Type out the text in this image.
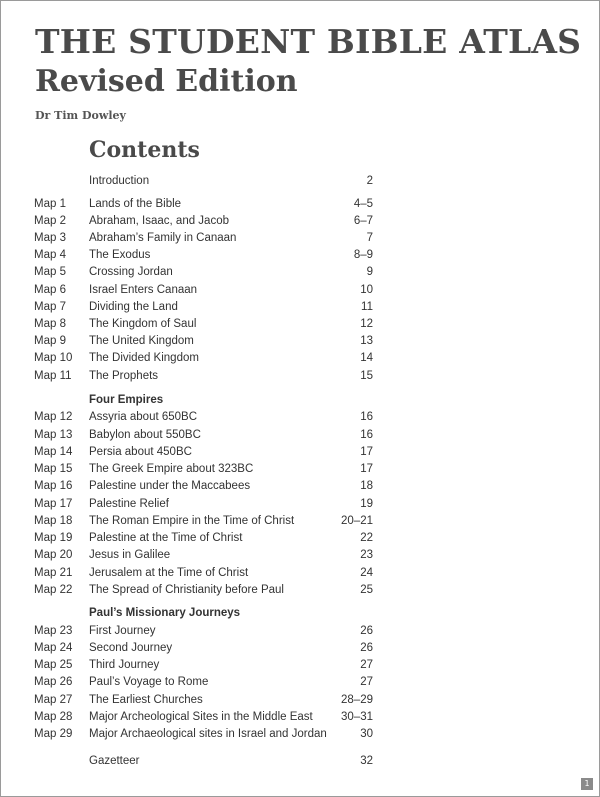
THE STUDENT BIBLE ATLAS
Revised Edition
Dr Tim Dowley
Contents
Introduction	2
Map 1 Lands of the Bible	4–5
Map 2 Abraham, Isaac, and Jacob	6–7
Map 3 Abraham’s Family in Canaan	7
Map 4 The Exodus	8–9
Map 5 Crossing Jordan	9
Map 6 Israel Enters Canaan	10
Map 7 Dividing the Land	11
Map 8 The Kingdom of Saul	12
Map 9 The United Kingdom	13
Map 10 The Divided Kingdom	14
Map 11 The Prophets	15
Four Empires
Map 12 Assyria about 650BC	16
Map 13 Babylon about 550BC	16
Map 14 Persia about 450BC	17
Map 15 The Greek Empire about 323BC	17
Map 16 Palestine under the Maccabees	18
Map 17 Palestine Relief	19
Map 18 The Roman Empire in the Time of Christ	20–21
Map 19 Palestine at the Time of Christ	22
Map 20 Jesus in Galilee	23
Map 21 Jerusalem at the Time of Christ	24
Map 22 The Spread of Christianity before Paul	25
Paul’s Missionary Journeys
Map 23 First Journey	26
Map 24 Second Journey	26
Map 25 Third Journey	27
Map 26 Paul’s Voyage to Rome	27
Map 27 The Earliest Churches	28–29
Map 28 Major Archeological Sites in the Middle East 30–31
Map 29 Major Archaeological sites in Israel and Jordan	30
Gazetteer	32
1
